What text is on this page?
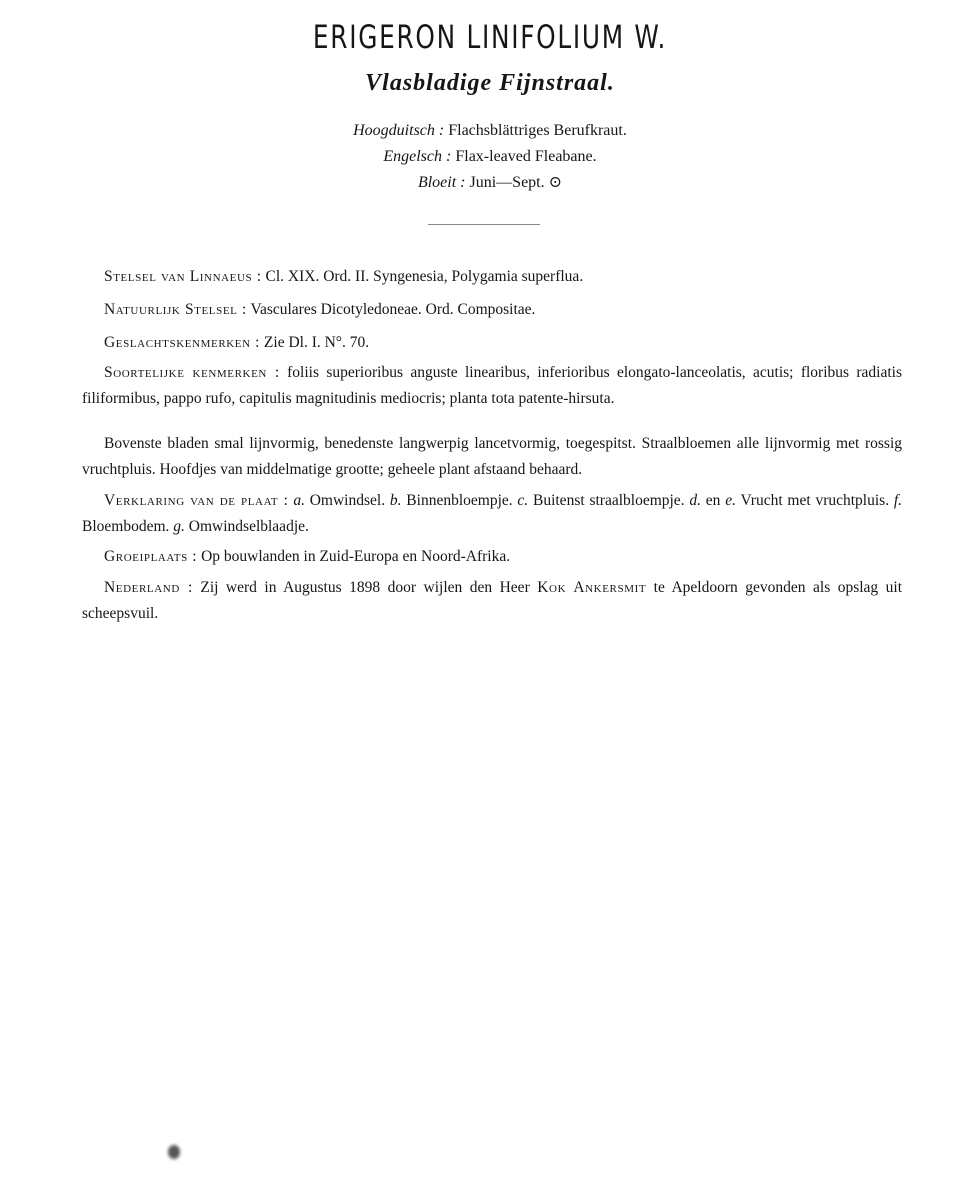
ERIGERON LINIFOLIUM W.
Vlasbladige Fijnstraal.
Hoogduitsch : Flachsblättriges Berufkraut.
Engelsch : Flax-leaved Fleabane.
Bloeit : Juni—Sept. ⊙
Stelsel van Linnaeus : Cl. XIX. Ord. II. Syngenesia, Polygamia superflua.
Natuurlijk Stelsel : Vasculares Dicotyledoneae. Ord. Compositae.
Geslachtskenmerken : Zie Dl. I. N°. 70.
Soortelijke kenmerken : foliis superioribus anguste linearibus, inferioribus elongato-lanceolatis, acutis; floribus radiatis filiformibus, pappo rufo, capitulis magnitudinis mediocris; planta tota patente-hirsuta.
Bovenste bladen smal lijnvormig, benedenste langwerpig lancetvormig, toegespitst. Straalbloemen alle lijnvormig met rossig vruchtpluis. Hoofdjes van middelmatige grootte; geheele plant afstaand behaard.
Verklaring van de plaat : a. Omwindsel. b. Binnenbloempje. c. Buitenst straalbloempje. d. en e. Vrucht met vruchtpluis. f. Bloembodem. g. Omwindselblaadje.
Groeiplaats : Op bouwlanden in Zuid-Europa en Noord-Afrika.
Nederland : Zij werd in Augustus 1898 door wijlen den Heer Kok Ankersmit te Apeldoorn gevonden als opslag uit scheepsvuil.
